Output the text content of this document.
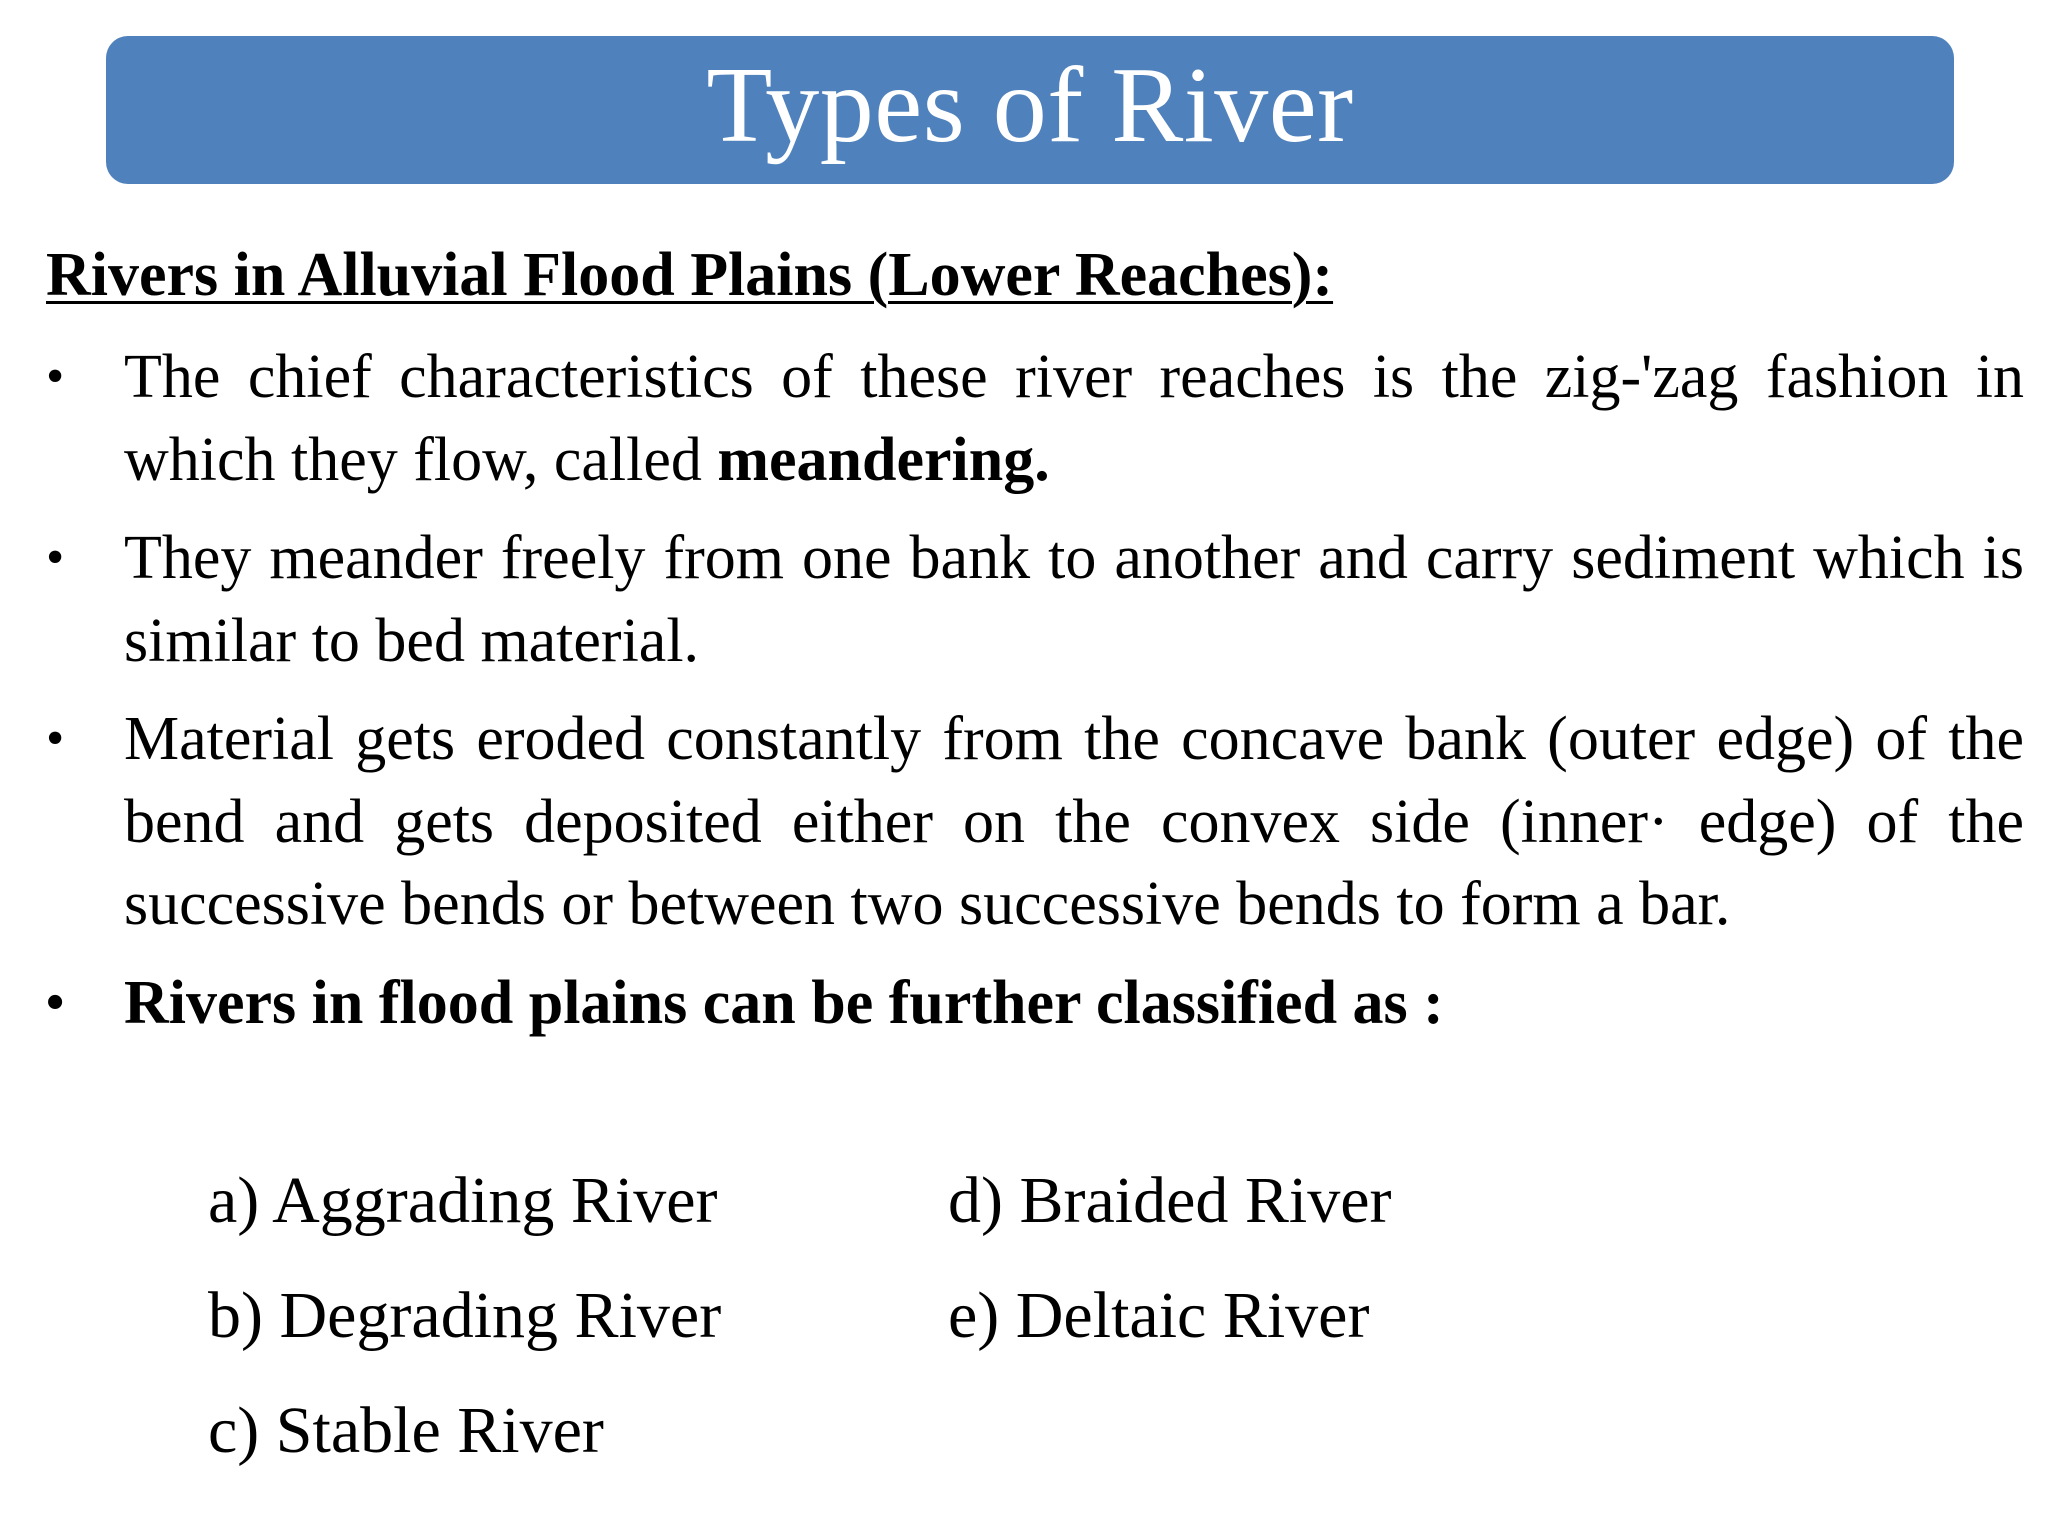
Types of River
Rivers in Alluvial Flood Plains (Lower Reaches):
• The chief characteristics of these river reaches is the zig-'zag fashion in which they flow, called meandering.
• They meander freely from one bank to another and carry sediment which is similar to bed material.
• Material gets eroded constantly from the concave bank (outer edge) of the bend and gets deposited either on the convex side (inner· edge) of the successive bends or between two successive bends to form a bar.
• Rivers in flood plains can be further classified as :
a) Aggrading River
b) Degrading River
c) Stable River
d) Braided River
e) Deltaic River
